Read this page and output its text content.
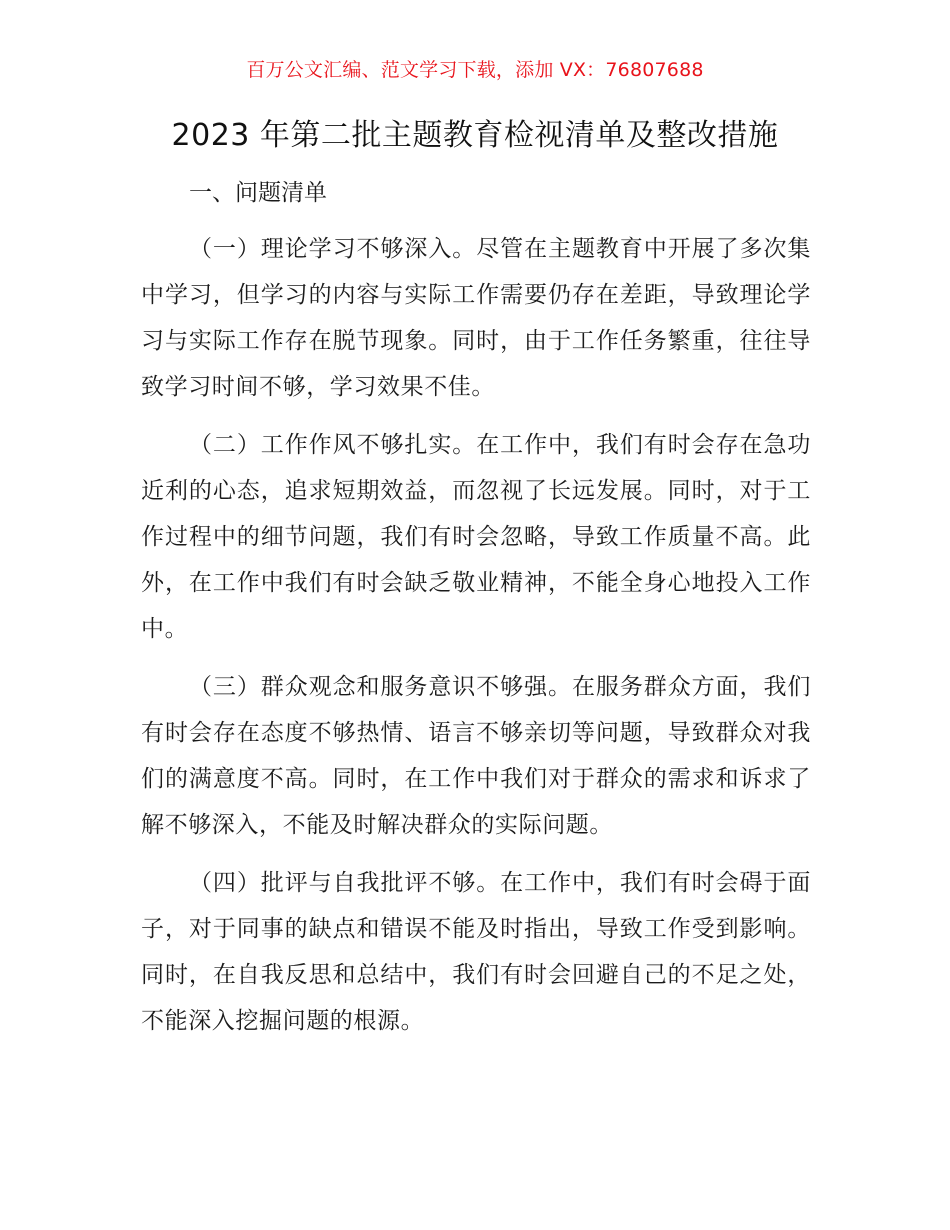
百万公文汇编、范文学习下载，添加 VX：76807688
2023 年第二批主题教育检视清单及整改措施
一、问题清单

（一）理论学习不够深入。尽管在主题教育中开展了多次集中学习，但学习的内容与实际工作需要仍存在差距，导致理论学习与实际工作存在脱节现象。同时，由于工作任务繁重，往往导致学习时间不够，学习效果不佳。

（二）工作作风不够扎实。在工作中，我们有时会存在急功近利的心态，追求短期效益，而忽视了长远发展。同时，对于工作过程中的细节问题，我们有时会忽略，导致工作质量不高。此外，在工作中我们有时会缺乏敬业精神，不能全身心地投入工作中。

（三）群众观念和服务意识不够强。在服务群众方面，我们有时会存在态度不够热情、语言不够亲切等问题，导致群众对我们的满意度不高。同时，在工作中我们对于群众的需求和诉求了解不够深入，不能及时解决群众的实际问题。

（四）批评与自我批评不够。在工作中，我们有时会碍于面子，对于同事的缺点和错误不能及时指出，导致工作受到影响。同时，在自我反思和总结中，我们有时会回避自己的不足之处，不能深入挖掘问题的根源。
